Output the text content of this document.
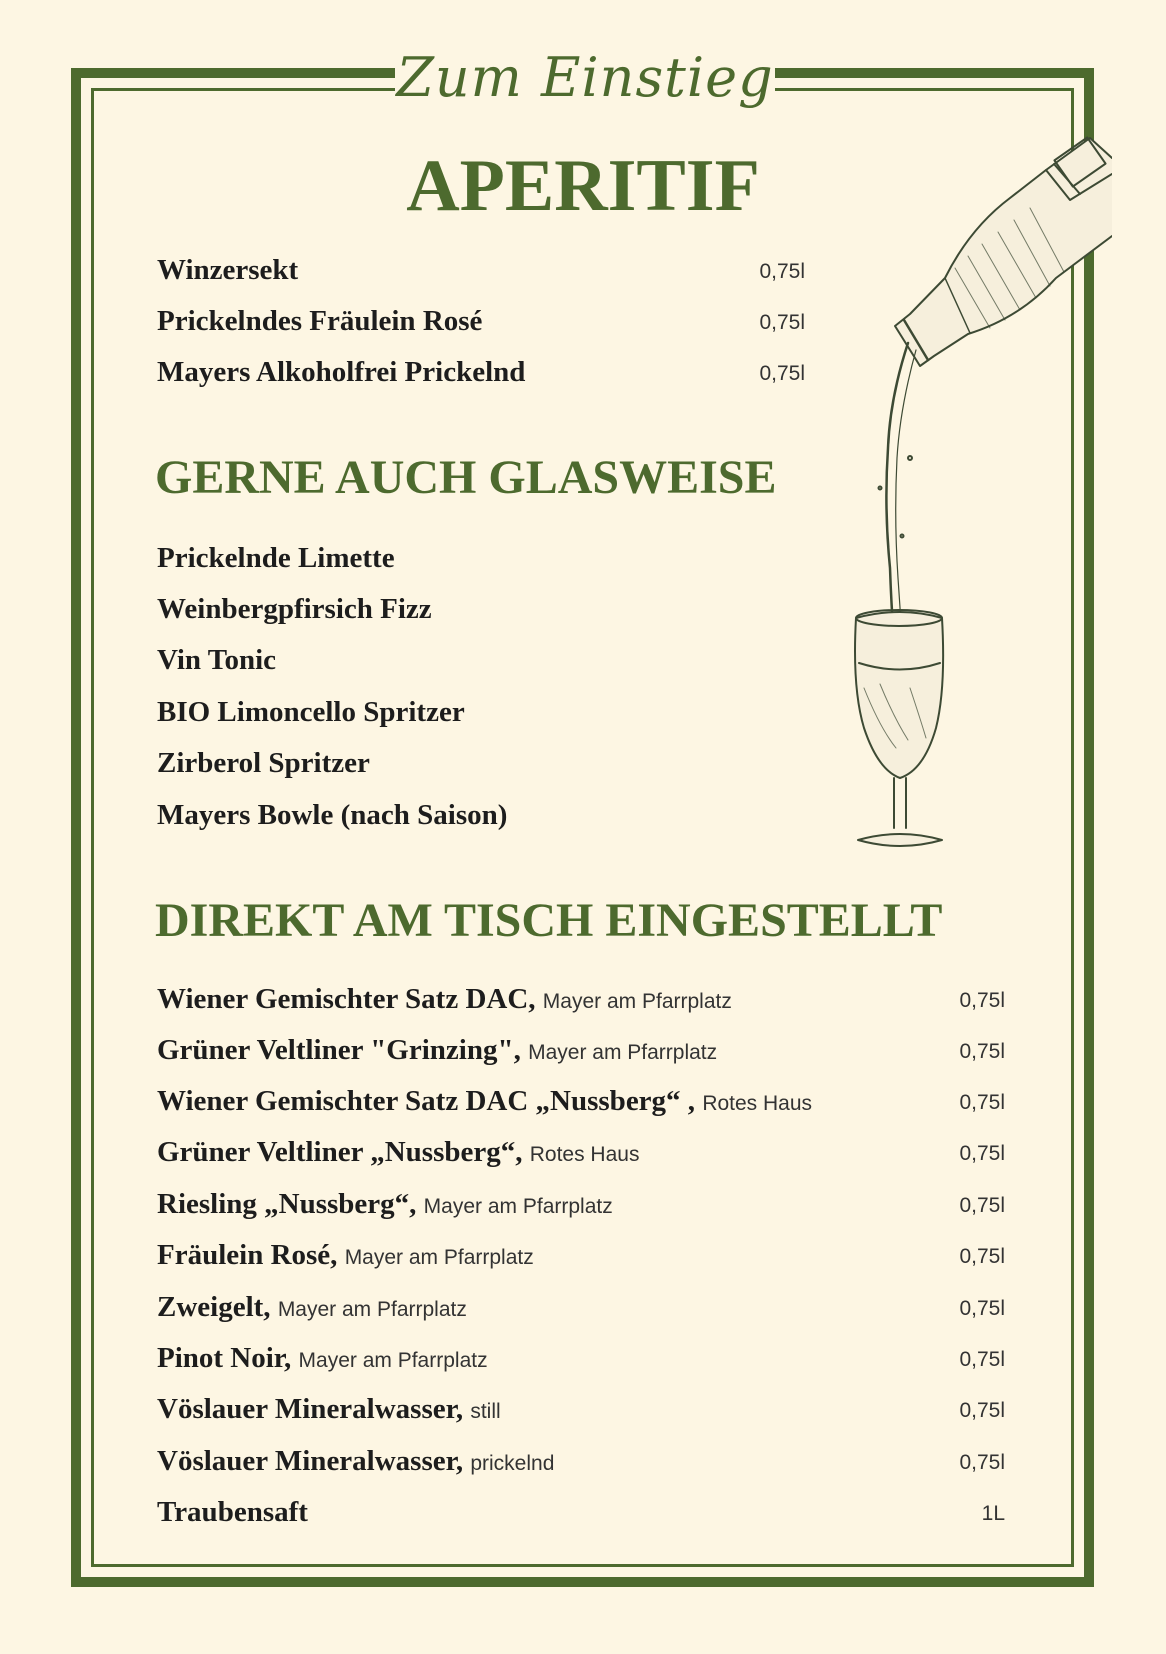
Zum Einstieg
APERITIF
Winzersekt	0,75l
Prickelndes Fräulein Rosé	0,75l
Mayers Alkoholfrei Prickelnd	0,75l
GERNE AUCH GLASWEISE
Prickelnde Limette
Weinbergpfirsich Fizz
Vin Tonic
BIO Limoncello Spritzer
Zirberol Spritzer
Mayers Bowle (nach Saison)
DIREKT AM TISCH EINGESTELLT
Wiener Gemischter Satz DAC, Mayer am Pfarrplatz	0,75l
Grüner Veltliner "Grinzing", Mayer am Pfarrplatz	0,75l
Wiener Gemischter Satz DAC „Nussberg“ , Rotes Haus	0,75l
Grüner Veltliner „Nussberg“, Rotes Haus	0,75l
Riesling „Nussberg“, Mayer am Pfarrplatz	0,75l
Fräulein Rosé, Mayer am Pfarrplatz	0,75l
Zweigelt, Mayer am Pfarrplatz	0,75l
Pinot Noir, Mayer am Pfarrplatz	0,75l
Vöslauer Mineralwasser, still	0,75l
Vöslauer Mineralwasser, prickelnd	0,75l
Traubensaft	1L
